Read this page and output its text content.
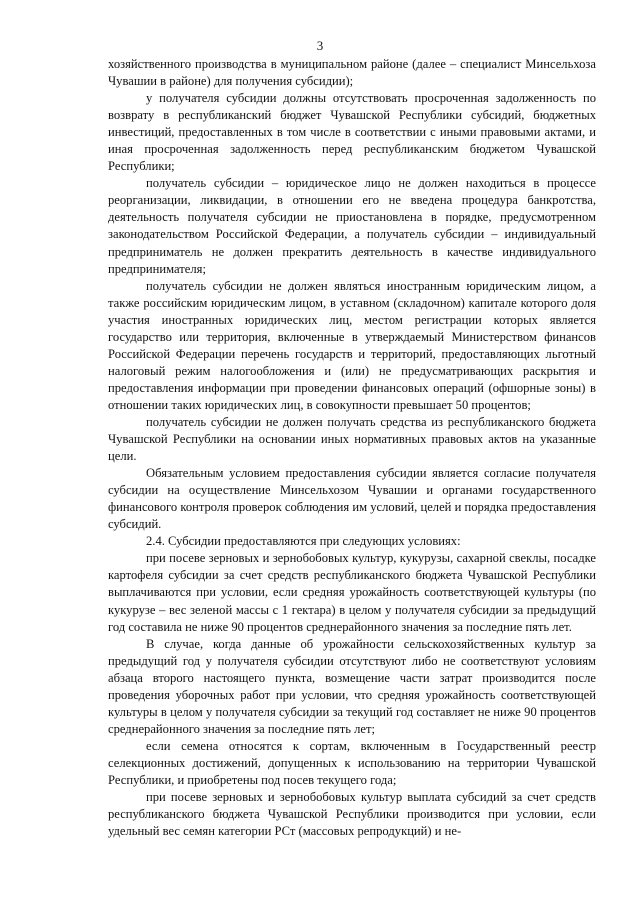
3

хозяйственного производства в муниципальном районе (далее – специалист Минсельхоза Чувашии в районе) для получения субсидии);

у получателя субсидии должны отсутствовать просроченная задолженность по возврату в республиканский бюджет Чувашской Республики субсидий, бюджетных инвестиций, предоставленных в том числе в соответствии с иными правовыми актами, и иная просроченная задолженность перед республиканским бюджетом Чувашской Республики;

получатель субсидии – юридическое лицо не должен находиться в процессе реорганизации, ликвидации, в отношении его не введена процедура банкротства, деятельность получателя субсидии не приостановлена в порядке, предусмотренном законодательством Российской Федерации, а получатель субсидии – индивидуальный предприниматель не должен прекратить деятельность в качестве индивидуального предпринимателя;

получатель субсидии не должен являться иностранным юридическим лицом, а также российским юридическим лицом, в уставном (складочном) капитале которого доля участия иностранных юридических лиц, местом регистрации которых является государство или территория, включенные в утверждаемый Министерством финансов Российской Федерации перечень государств и территорий, предоставляющих льготный налоговый режим налогообложения и (или) не предусматривающих раскрытия и предоставления информации при проведении финансовых операций (офшорные зоны) в отношении таких юридических лиц, в совокупности превышает 50 процентов;

получатель субсидии не должен получать средства из республиканского бюджета Чувашской Республики на основании иных нормативных правовых актов на указанные цели.

Обязательным условием предоставления субсидии является согласие получателя субсидии на осуществление Минсельхозом Чувашии и органами государственного финансового контроля проверок соблюдения им условий, целей и порядка предоставления субсидий.

2.4. Субсидии предоставляются при следующих условиях:

при посеве зерновых и зернобобовых культур, кукурузы, сахарной свеклы, посадке картофеля субсидии за счет средств республиканского бюджета Чувашской Республики выплачиваются при условии, если средняя урожайность соответствующей культуры (по кукурузе – вес зеленой массы с 1 гектара) в целом у получателя субсидии за предыдущий год составила не ниже 90 процентов среднерайонного значения за последние пять лет.

В случае, когда данные об урожайности сельскохозяйственных культур за предыдущий год у получателя субсидии отсутствуют либо не соответствуют условиям абзаца второго настоящего пункта, возмещение части затрат производится после проведения уборочных работ при условии, что средняя урожайность соответствующей культуры в целом у получателя субсидии за текущий год составляет не ниже 90 процентов среднерайонного значения за последние пять лет;

если семена относятся к сортам, включенным в Государственный реестр селекционных достижений, допущенных к использованию на территории Чувашской Республики, и приобретены под посев текущего года;

при посеве зерновых и зернобобовых культур выплата субсидий за счет средств республиканского бюджета Чувашской Республики производится при условии, если удельный вес семян категории РСт (массовых репродукций) и не-
